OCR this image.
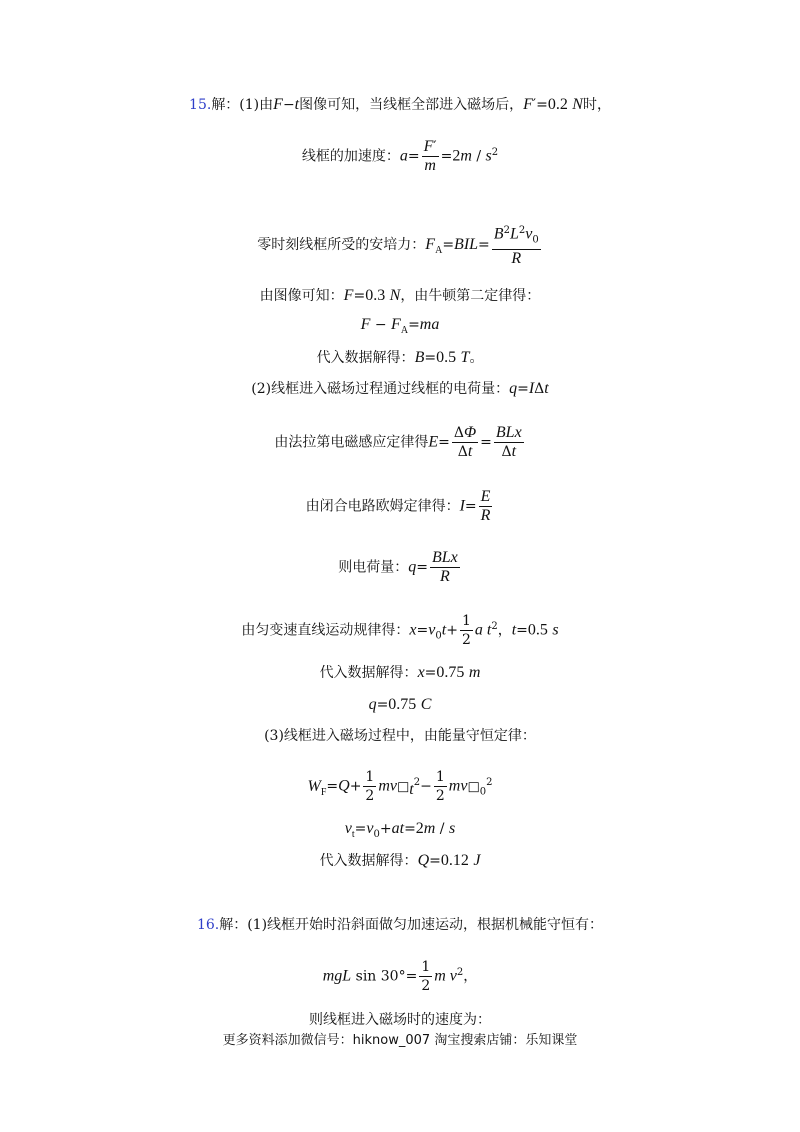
15.解：(1)由F−t图像可知，当线框全部进入磁场后，F′=0.2 N时，
线框的加速度：$a= \frac{F'}{m} =2m / s^2$
零时刻线框所受的安培力：$F_A=BIL= \frac{B^2L^2v_0}{R}$
由图像可知：F=0.3 N，由牛顿第二定律得：
$F - F_A=ma$
代入数据解得：B=0.5 T。
(2)线框进入磁场过程通过线框的电荷量：q=IΔt
由法拉第电磁感应定律得$E= \frac{\Delta\Phi}{\Delta t} = \frac{\text{BLx}}{\Delta t}$
由闭合电路欧姆定律得：$I= \frac{E}{R}$
则电荷量：$q= \frac{\text{BLx}}{R}$
由匀变速直线运动规律得：$x=v_0t+ \frac{1}{2}$ a $t^2$，t=0.5 s
代入数据解得：x=0.75 m
q=0.75 C
(3)线框进入磁场过程中，由能量守恒定律：
$W_F=Q+ \frac{1}{2}$ $mv□_t^2- \frac{1}{2}$ $mv□_0^2$
$v_t=v_0+at=2m / s$
代入数据解得：Q=0.12 J
16.解：(1)线框开始时沿斜面做匀加速运动，根据机械能守恒有：
mgL $\sin 30^\circ= \frac{1}{2}$ m $v^2$，
则线框进入磁场时的速度为：
更多资料添加微信号：hiknow_007 淘宝搜索店铺：乐知课堂
